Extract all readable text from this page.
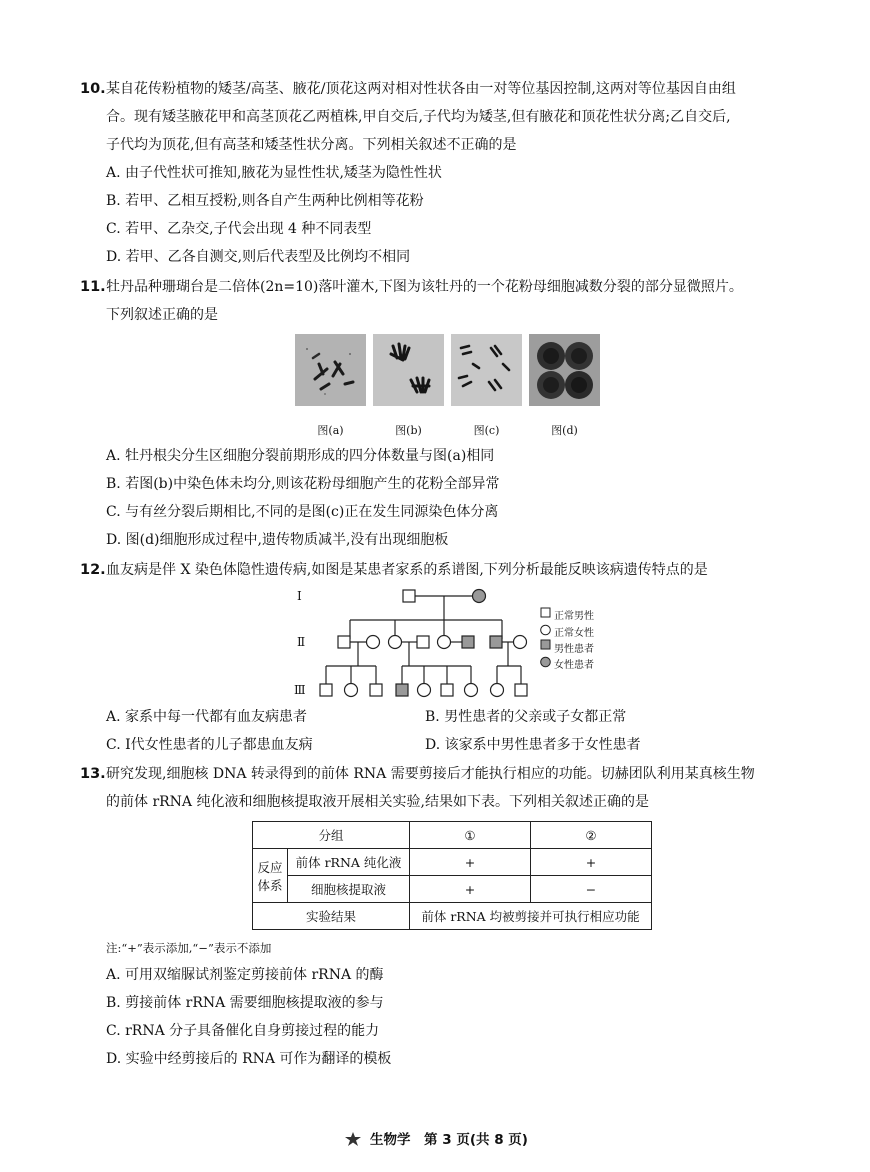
10. 某自花传粉植物的矮茎/高茎、腋花/顶花这两对相对性状各由一对等位基因控制,这两对等位基因自由组
合。现有矮茎腋花甲和高茎顶花乙两植株,甲自交后,子代均为矮茎,但有腋花和顶花性状分离;乙自交后,
子代均为顶花,但有高茎和矮茎性状分离。下列相关叙述不正确的是
A. 由子代性状可推知,腋花为显性性状,矮茎为隐性性状
B. 若甲、乙相互授粉,则各自产生两种比例相等花粉
C. 若甲、乙杂交,子代会出现 4 种不同表型
D. 若甲、乙各自测交,则后代表型及比例均不相同
11. 牡丹品种珊瑚台是二倍体(2n=10)落叶灌木,下图为该牡丹的一个花粉母细胞减数分裂的部分显微照片。
下列叙述正确的是
图(a)	图(b)	图(c)	图(d)
A. 牡丹根尖分生区细胞分裂前期形成的四分体数量与图(a)相同
B. 若图(b)中染色体未均分,则该花粉母细胞产生的花粉全部异常
C. 与有丝分裂后期相比,不同的是图(c)正在发生同源染色体分离
D. 图(d)细胞形成过程中,遗传物质减半,没有出现细胞板
12. 血友病是伴 X 染色体隐性遗传病,如图是某患者家系的系谱图,下列分析最能反映该病遗传特点的是
Ⅰ
Ⅱ
Ⅲ
正常男性
正常女性
男性患者
女性患者
A. 家系中每一代都有血友病患者	B. 男性患者的父亲或子女都正常
C. Ⅰ代女性患者的儿子都患血友病	D. 该家系中男性患者多于女性患者
13. 研究发现,细胞核 DNA 转录得到的前体 RNA 需要剪接后才能执行相应的功能。切赫团队利用某真核生物
的前体 rRNA 纯化液和细胞核提取液开展相关实验,结果如下表。下列相关叙述正确的是
分组		①	②
反应	前体 rRNA 纯化液	+	+
体系	细胞核提取液	+	−
实验结果		前体 rRNA 均被剪接并可执行相应功能	
注:“+”表示添加,“−”表示不添加
A. 可用双缩脲试剂鉴定剪接前体 rRNA 的酶
B. 剪接前体 rRNA 需要细胞核提取液的参与
C. rRNA 分子具备催化自身剪接过程的能力
D. 实验中经剪接后的 RNA 可作为翻译的模板
生物学　第 3 页(共 8 页)
